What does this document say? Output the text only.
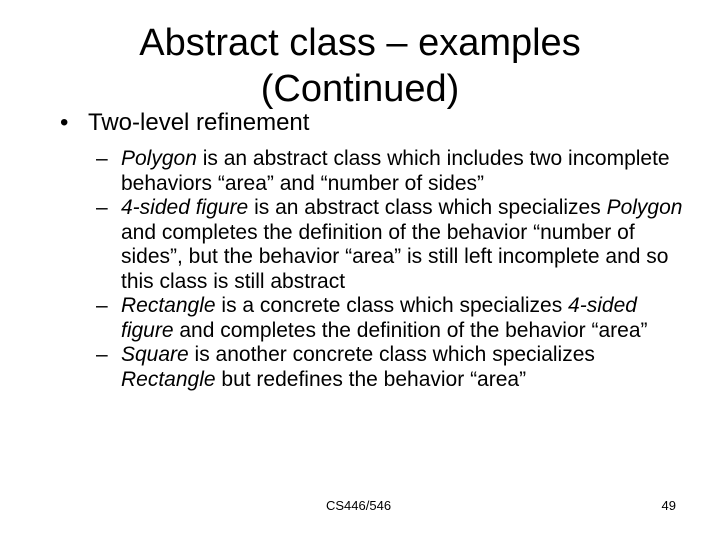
Abstract class – examples
(Continued)
• Two-level refinement
– Polygon is an abstract class which includes two incomplete behaviors “area” and “number of sides”
– 4-sided figure is an abstract class which specializes Polygon and completes the definition of the behavior “number of sides”, but the behavior “area” is still left incomplete and so this class is still abstract
– Rectangle is a concrete class which specializes 4-sided figure and completes the definition of the behavior “area”
– Square is another concrete class which specializes Rectangle but redefines the behavior “area”
CS446/546	49
